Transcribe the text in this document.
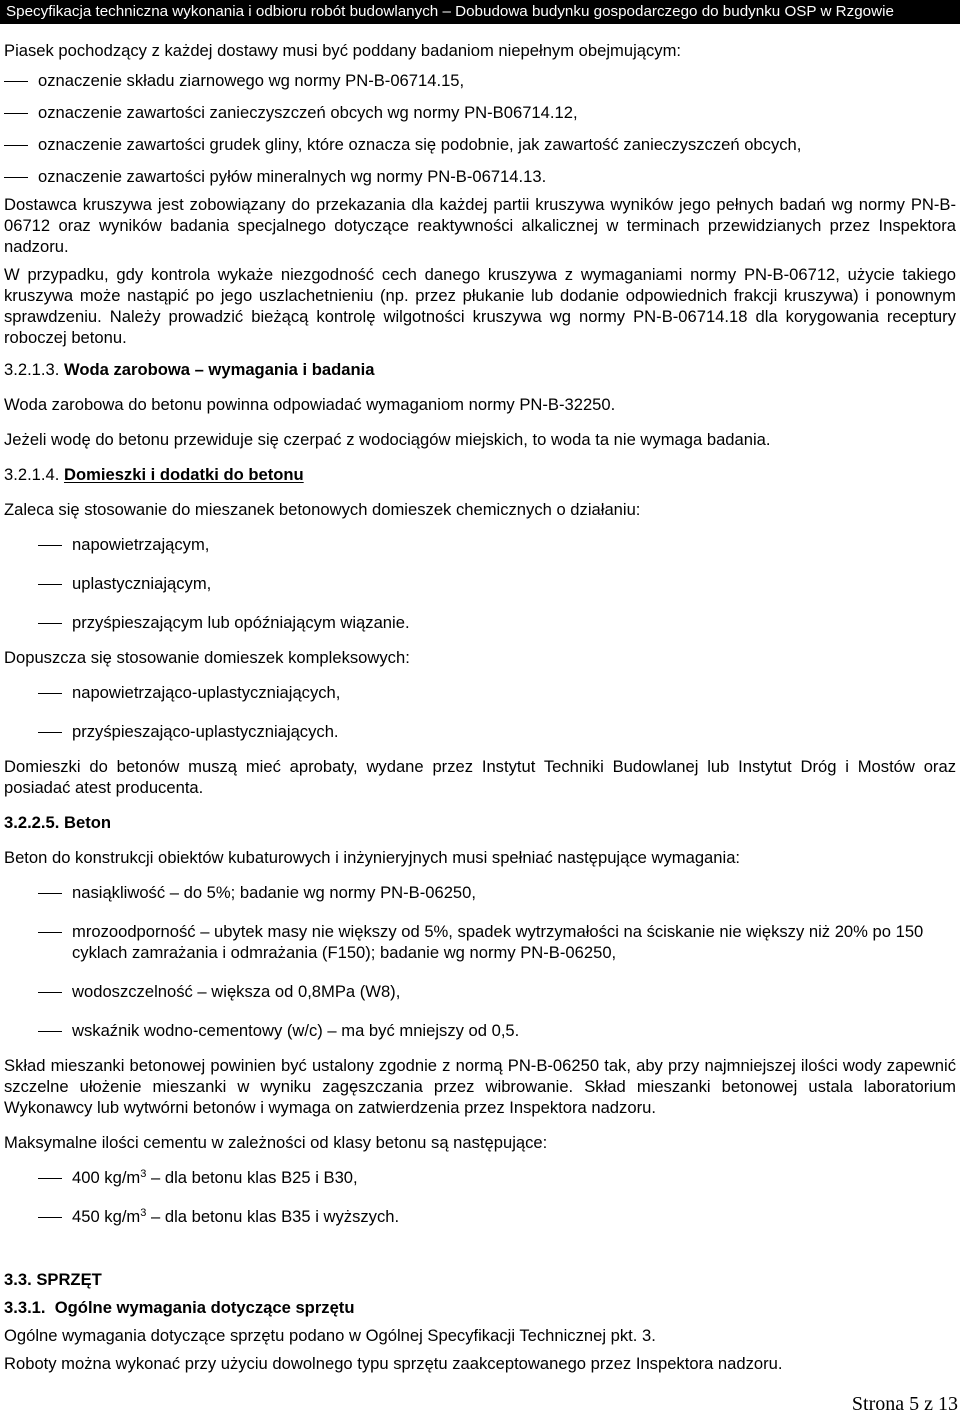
Specyfikacja techniczna wykonania i odbioru robót budowlanych – Dobudowa budynku gospodarczego do budynku OSP w Rzgowie

Piasek pochodzący z każdej dostawy musi być poddany badaniom niepełnym obejmującym:

oznaczenie składu ziarnowego wg normy PN-B-06714.15,
oznaczenie zawartości zanieczyszczeń obcych wg normy PN-B06714.12,
oznaczenie zawartości grudek gliny, które oznacza się podobnie, jak zawartość zanieczyszczeń obcych,
oznaczenie zawartości pyłów mineralnych wg normy PN-B-06714.13.

Dostawca kruszywa jest zobowiązany do przekazania dla każdej partii kruszywa wyników jego pełnych badań wg normy PN-B-06712 oraz wyników badania specjalnego dotyczące reaktywności alkalicznej w terminach przewidzianych przez Inspektora nadzoru.

W przypadku, gdy kontrola wykaże niezgodność cech danego kruszywa z wymaganiami normy PN-B-06712, użycie takiego kruszywa może nastąpić po jego uszlachetnieniu (np. przez płukanie lub dodanie odpowiednich frakcji kruszywa) i ponownym sprawdzeniu. Należy prowadzić bieżącą kontrolę wilgotności kruszywa wg normy PN-B-06714.18 dla korygowania receptury roboczej betonu.

3.2.1.3. Woda zarobowa – wymagania i badania

Woda zarobowa do betonu powinna odpowiadać wymaganiom normy PN-B-32250.

Jeżeli wodę do betonu przewiduje się czerpać z wodociągów miejskich, to woda ta nie wymaga badania.

3.2.1.4. Domieszki i dodatki do betonu

Zaleca się stosowanie do mieszanek betonowych domieszek chemicznych o działaniu:

napowietrzającym,
uplastyczniającym,
przyśpieszającym lub opóźniającym wiązanie.

Dopuszcza się stosowanie domieszek kompleksowych:

napowietrzająco-uplastyczniających,
przyśpieszająco-uplastyczniających.

Domieszki do betonów muszą mieć aprobaty, wydane przez Instytut Techniki Budowlanej lub Instytut Dróg i Mostów oraz posiadać atest producenta.

3.2.2.5. Beton

Beton do konstrukcji obiektów kubaturowych i inżynieryjnych musi spełniać następujące wymagania:

nasiąkliwość – do 5%; badanie wg normy PN-B-06250,
mrozoodporność – ubytek masy nie większy od 5%, spadek wytrzymałości na ściskanie nie większy niż 20% po 150 cyklach zamrażania i odmrażania (F150); badanie wg normy PN-B-06250,
wodoszczelność – większa od 0,8MPa (W8),
wskaźnik wodno-cementowy (w/c) – ma być mniejszy od 0,5.

Skład mieszanki betonowej powinien być ustalony zgodnie z normą PN-B-06250 tak, aby przy najmniejszej ilości wody zapewnić szczelne ułożenie mieszanki w wyniku zagęszczania przez wibrowanie. Skład mieszanki betonowej ustala laboratorium Wykonawcy lub wytwórni betonów i wymaga on zatwierdzenia przez Inspektora nadzoru.

Maksymalne ilości cementu w zależności od klasy betonu są następujące:

400 $kg/m^3$ – dla betonu klas B25 i B30,
450 $kg/m^3$ – dla betonu klas B35 i wyższych.

3.3. SPRZĘT

3.3.1. Ogólne wymagania dotyczące sprzętu

Ogólne wymagania dotyczące sprzętu podano w Ogólnej Specyfikacji Technicznej pkt. 3.

Roboty można wykonać przy użyciu dowolnego typu sprzętu zaakceptowanego przez Inspektora nadzoru.

Strona 5 z 13
